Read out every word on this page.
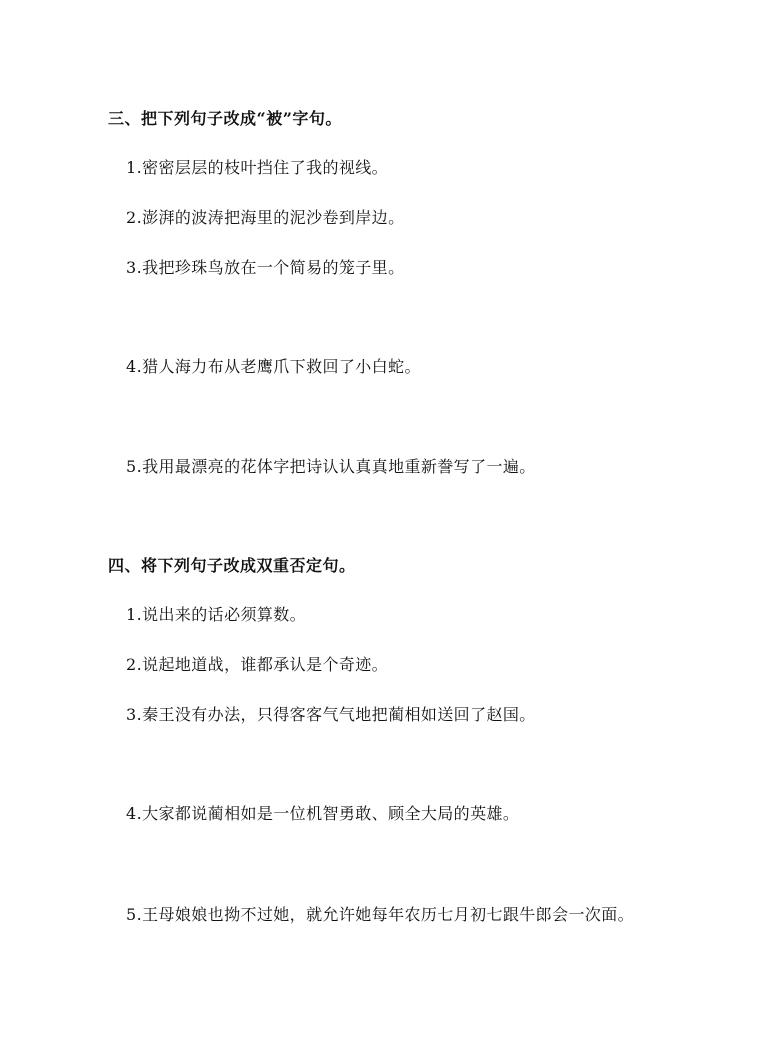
三、把下列句子改成“被”字句。
1.密密层层的枝叶挡住了我的视线。
2.澎湃的波涛把海里的泥沙卷到岸边。
3.我把珍珠鸟放在一个简易的笼子里。
4.猎人海力布从老鹰爪下救回了小白蛇。
5.我用最漂亮的花体字把诗认认真真地重新誊写了一遍。
四、将下列句子改成双重否定句。
1.说出来的话必须算数。
2.说起地道战，谁都承认是个奇迹。
3.秦王没有办法，只得客客气气地把蔺相如送回了赵国。
4.大家都说蔺相如是一位机智勇敢、顾全大局的英雄。
5.王母娘娘也拗不过她，就允许她每年农历七月初七跟牛郎会一次面。
